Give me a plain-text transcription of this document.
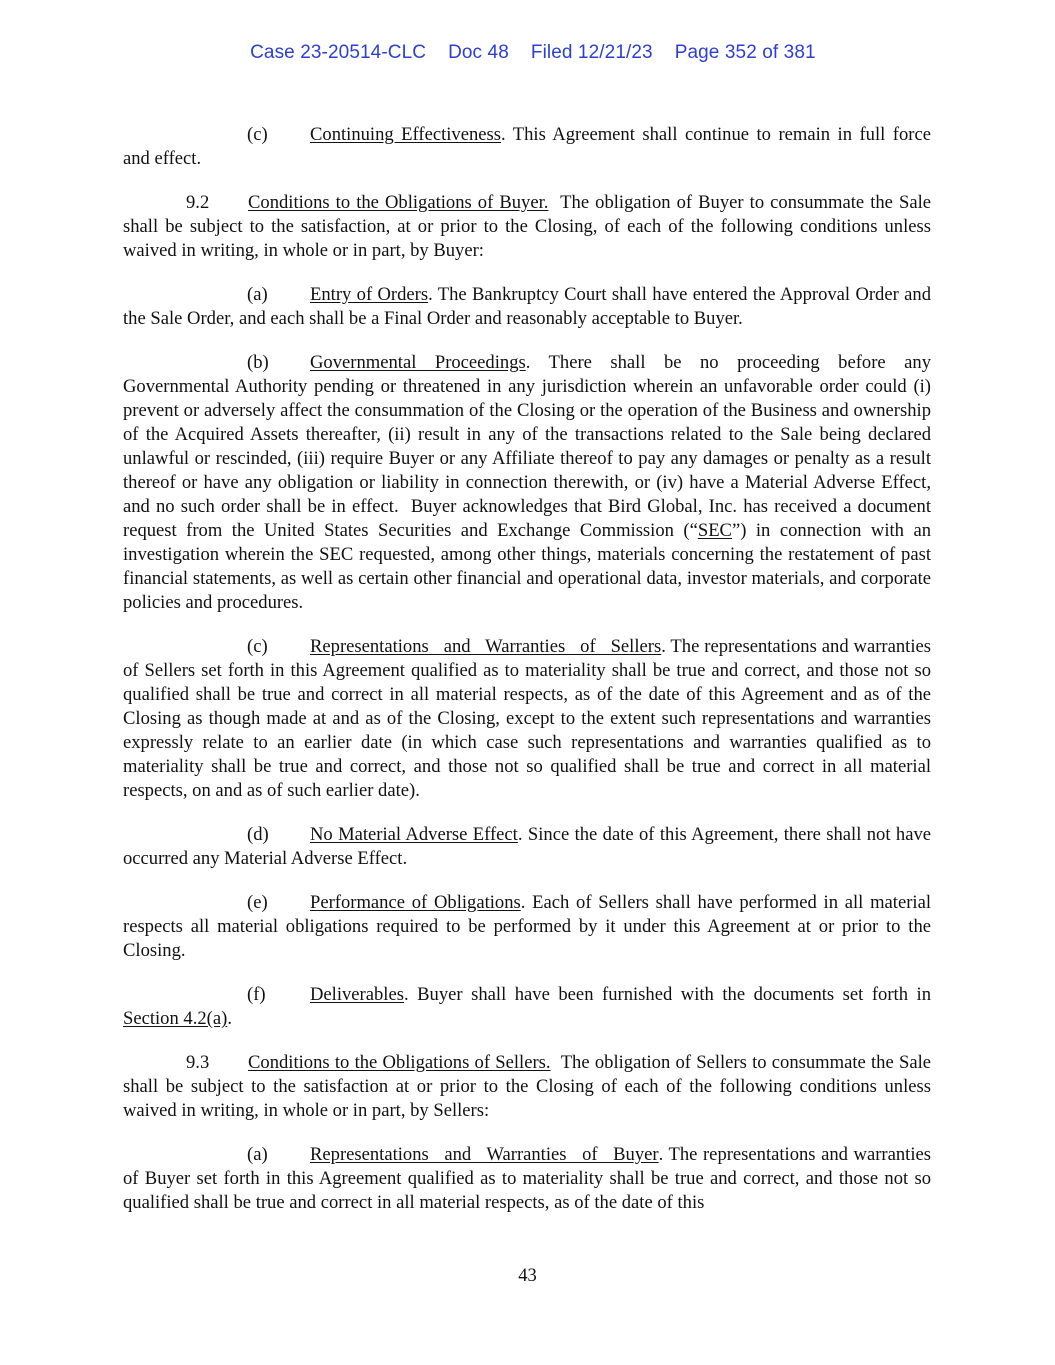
Case 23-20514-CLC Doc 48 Filed 12/21/23 Page 352 of 381

(c) Continuing Effectiveness. This Agreement shall continue to remain in full force and effect.

9.2 Conditions to the Obligations of Buyer.  The obligation of Buyer to consummate the Sale shall be subject to the satisfaction, at or prior to the Closing, of each of the following conditions unless waived in writing, in whole or in part, by Buyer:

(a) Entry of Orders. The Bankruptcy Court shall have entered the Approval Order and the Sale Order, and each shall be a Final Order and reasonably acceptable to Buyer.

(b) Governmental Proceedings. There shall be no proceeding before any Governmental Authority pending or threatened in any jurisdiction wherein an unfavorable order could (i) prevent or adversely affect the consummation of the Closing or the operation of the Business and ownership of the Acquired Assets thereafter, (ii) result in any of the transactions related to the Sale being declared unlawful or rescinded, (iii) require Buyer or any Affiliate thereof to pay any damages or penalty as a result thereof or have any obligation or liability in connection therewith, or (iv) have a Material Adverse Effect, and no such order shall be in effect.  Buyer acknowledges that Bird Global, Inc. has received a document request from the United States Securities and Exchange Commission (“SEC”) in connection with an investigation wherein the SEC requested, among other things, materials concerning the restatement of past financial statements, as well as certain other financial and operational data, investor materials, and corporate policies and procedures.

(c) Representations and Warranties of Sellers. The representations and warranties of Sellers set forth in this Agreement qualified as to materiality shall be true and correct, and those not so qualified shall be true and correct in all material respects, as of the date of this Agreement and as of the Closing as though made at and as of the Closing, except to the extent such representations and warranties expressly relate to an earlier date (in which case such representations and warranties qualified as to materiality shall be true and correct, and those not so qualified shall be true and correct in all material respects, on and as of such earlier date).

(d) No Material Adverse Effect. Since the date of this Agreement, there shall not have occurred any Material Adverse Effect.

(e) Performance of Obligations. Each of Sellers shall have performed in all material respects all material obligations required to be performed by it under this Agreement at or prior to the Closing.

(f) Deliverables. Buyer shall have been furnished with the documents set forth in Section 4.2(a).

9.3 Conditions to the Obligations of Sellers.  The obligation of Sellers to consummate the Sale shall be subject to the satisfaction at or prior to the Closing of each of the following conditions unless waived in writing, in whole or in part, by Sellers:

(a) Representations and Warranties of Buyer. The representations and warranties of Buyer set forth in this Agreement qualified as to materiality shall be true and correct, and those not so qualified shall be true and correct in all material respects, as of the date of this

43
